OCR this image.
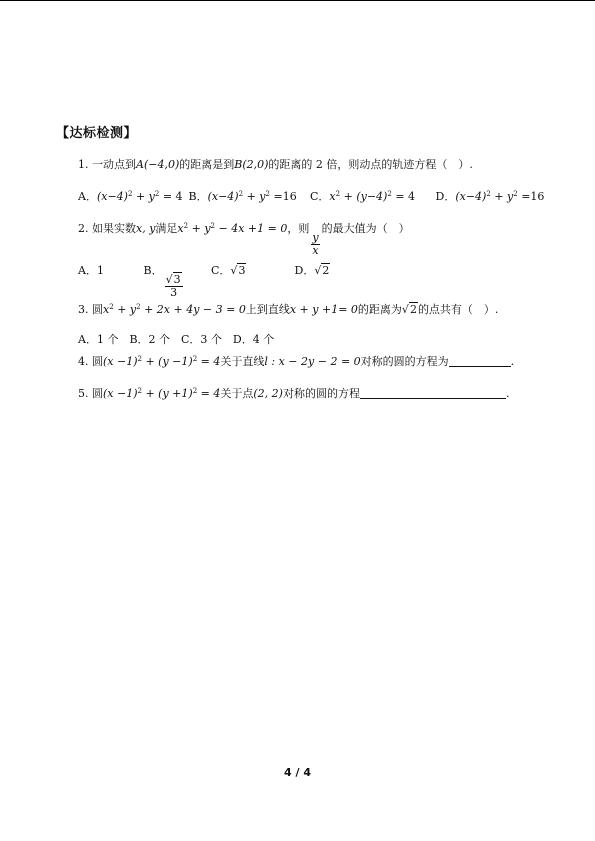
【达标检测】
1. 一动点到A(−4,0)的距离是到B(2,0)的距离的 2 倍，则动点的轨迹方程（　）.
A．$(x-4)^2 + y^2 = 4$ B．$(x-4)^2 + y^2 =16$ C．$x^2 + (y-4)^2 = 4$ D．$(x-4)^2 + y^2 =16$
2. 如果实数x, y满足$x^2 + y^2 - 4x +1 = 0$，则
$\frac{y}{x}$
的最大值为（　）
A．1	B．
$\frac{√3}{3}$
C．√3	D．√2
3. 圆$x^2 + y^2 + 2x + 4y - 3 = 0$上到直线x + y +1= 0的距离为√2的点共有（　）.
A．1 个　B．2 个　C．3 个　D．4 个
4. 圆$(x -1)^2 + (y -1)^2 = 4$关于直线l : x − 2y − 2 = 0对称的圆的方程为	.
5. 圆$(x -1)^2 + (y +1)^2 = 4$关于点(2, 2)对称的圆的方程	.
4 / 4
